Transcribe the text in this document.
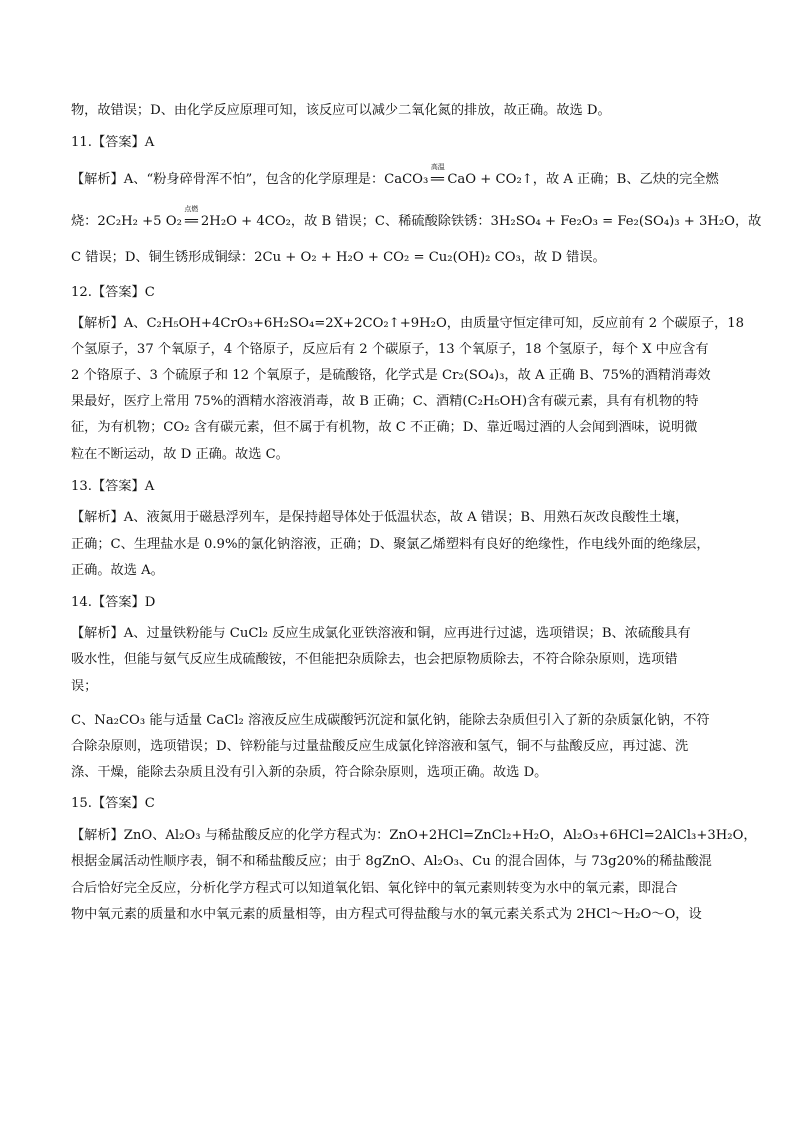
物，故错误；D、由化学反应原理可知，该反应可以减少二氧化氮的排放，故正确。故选 D。
11.【答案】A
【解析】A、“粉身碎骨浑不怕”，包含的化学原理是：CaCO₃
高温
=CaO + CO₂↑，故 A 正确；B、乙炔的完全燃
烧：2C₂H₂ +5 O₂
点燃
=2H₂O + 4CO₂，故 B 错误；C、稀硫酸除铁锈：3H₂SO₄ + Fe₂O₃ = Fe₂(SO₄)₃ + 3H₂O，故
C 错误；D、铜生锈形成铜绿：2Cu + O₂ + H₂O + CO₂ = Cu₂(OH)₂ CO₃，故 D 错误。
12.【答案】C
【解析】A、C₂H₅OH+4CrO₃+6H₂SO₄=2X+2CO₂↑+9H₂O，由质量守恒定律可知，反应前有 2 个碳原子，18
个氢原子，37 个氧原子，4 个铬原子，反应后有 2 个碳原子，13 个氧原子，18 个氢原子，每个 X 中应含有
2 个铬原子、3 个硫原子和 12 个氧原子，是硫酸铬，化学式是 Cr₂(SO₄)₃，故 A 正确 B、75%的酒精消毒效
果最好，医疗上常用 75%的酒精水溶液消毒，故 B 正确；C、酒精(C₂H₅OH)含有碳元素，具有有机物的特
征，为有机物；CO₂ 含有碳元素，但不属于有机物，故 C 不正确；D、靠近喝过酒的人会闻到酒味，说明微
粒在不断运动，故 D 正确。故选 C。
13.【答案】A
【解析】A、液氮用于磁悬浮列车，是保持超导体处于低温状态，故 A 错误；B、用熟石灰改良酸性土壤，
正确；C、生理盐水是 0.9%的氯化钠溶液，正确；D、聚氯乙烯塑料有良好的绝缘性，作电线外面的绝缘层，
正确。故选 A。
14.【答案】D
【解析】A、过量铁粉能与 CuCl₂ 反应生成氯化亚铁溶液和铜，应再进行过滤，选项错误；B、浓硫酸具有
吸水性，但能与氨气反应生成硫酸铵，不但能把杂质除去，也会把原物质除去，不符合除杂原则，选项错
误；
C、Na₂CO₃ 能与适量 CaCl₂ 溶液反应生成碳酸钙沉淀和氯化钠，能除去杂质但引入了新的杂质氯化钠，不符
合除杂原则，选项错误；D、锌粉能与过量盐酸反应生成氯化锌溶液和氢气，铜不与盐酸反应，再过滤、洗
涤、干燥，能除去杂质且没有引入新的杂质，符合除杂原则，选项正确。故选 D。
15.【答案】C
【解析】ZnO、Al₂O₃ 与稀盐酸反应的化学方程式为：ZnO+2HCl=ZnCl₂+H₂O，Al₂O₃+6HCl=2AlCl₃+3H₂O，
根据金属活动性顺序表，铜不和稀盐酸反应；由于 8gZnO、Al₂O₃、Cu 的混合固体，与 73g20%的稀盐酸混
合后恰好完全反应，分析化学方程式可以知道氧化铝、氧化锌中的氧元素则转变为水中的氧元素，即混合
物中氧元素的质量和水中氧元素的质量相等，由方程式可得盐酸与水的氧元素关系式为 2HCl～H₂O～O，设
